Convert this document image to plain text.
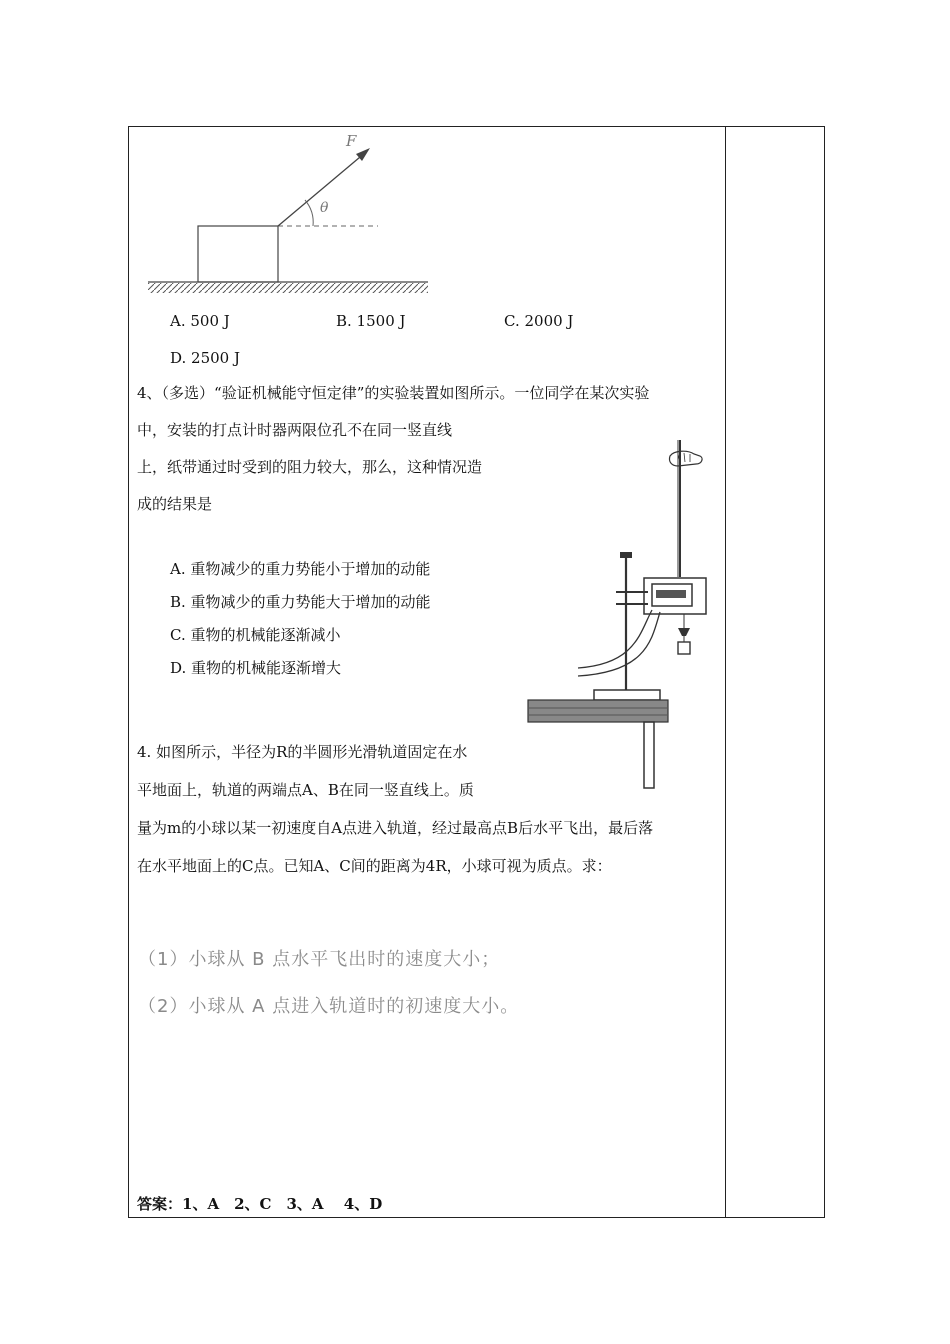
F
θ
A. 500 J	B. 1500 J	C. 2000 J
D. 2500 J
4、（多选）“验证机械能守恒定律”的实验装置如图所示。一位同学在某次实验
中，安装的打点计时器两限位孔不在同一竖直线
上，纸带通过时受到的阻力较大，那么，这种情况造
成的结果是
A. 重物减少的重力势能小于增加的动能
B. 重物减少的重力势能大于增加的动能
C. 重物的机械能逐渐减小
D. 重物的机械能逐渐增大
4. 如图所示，半径为R的半圆形光滑轨道固定在水
平地面上，轨道的两端点A、B在同一竖直线上。质
量为m的小球以某一初速度自A点进入轨道，经过最高点B后水平飞出，最后落
在水平地面上的C点。已知A、C间的距离为4R，小球可视为质点。求：
（1）小球从 B 点水平飞出时的速度大小；
（2）小球从 A 点进入轨道时的初速度大小。
答案：1、A　2、C　3、A　 4、D
